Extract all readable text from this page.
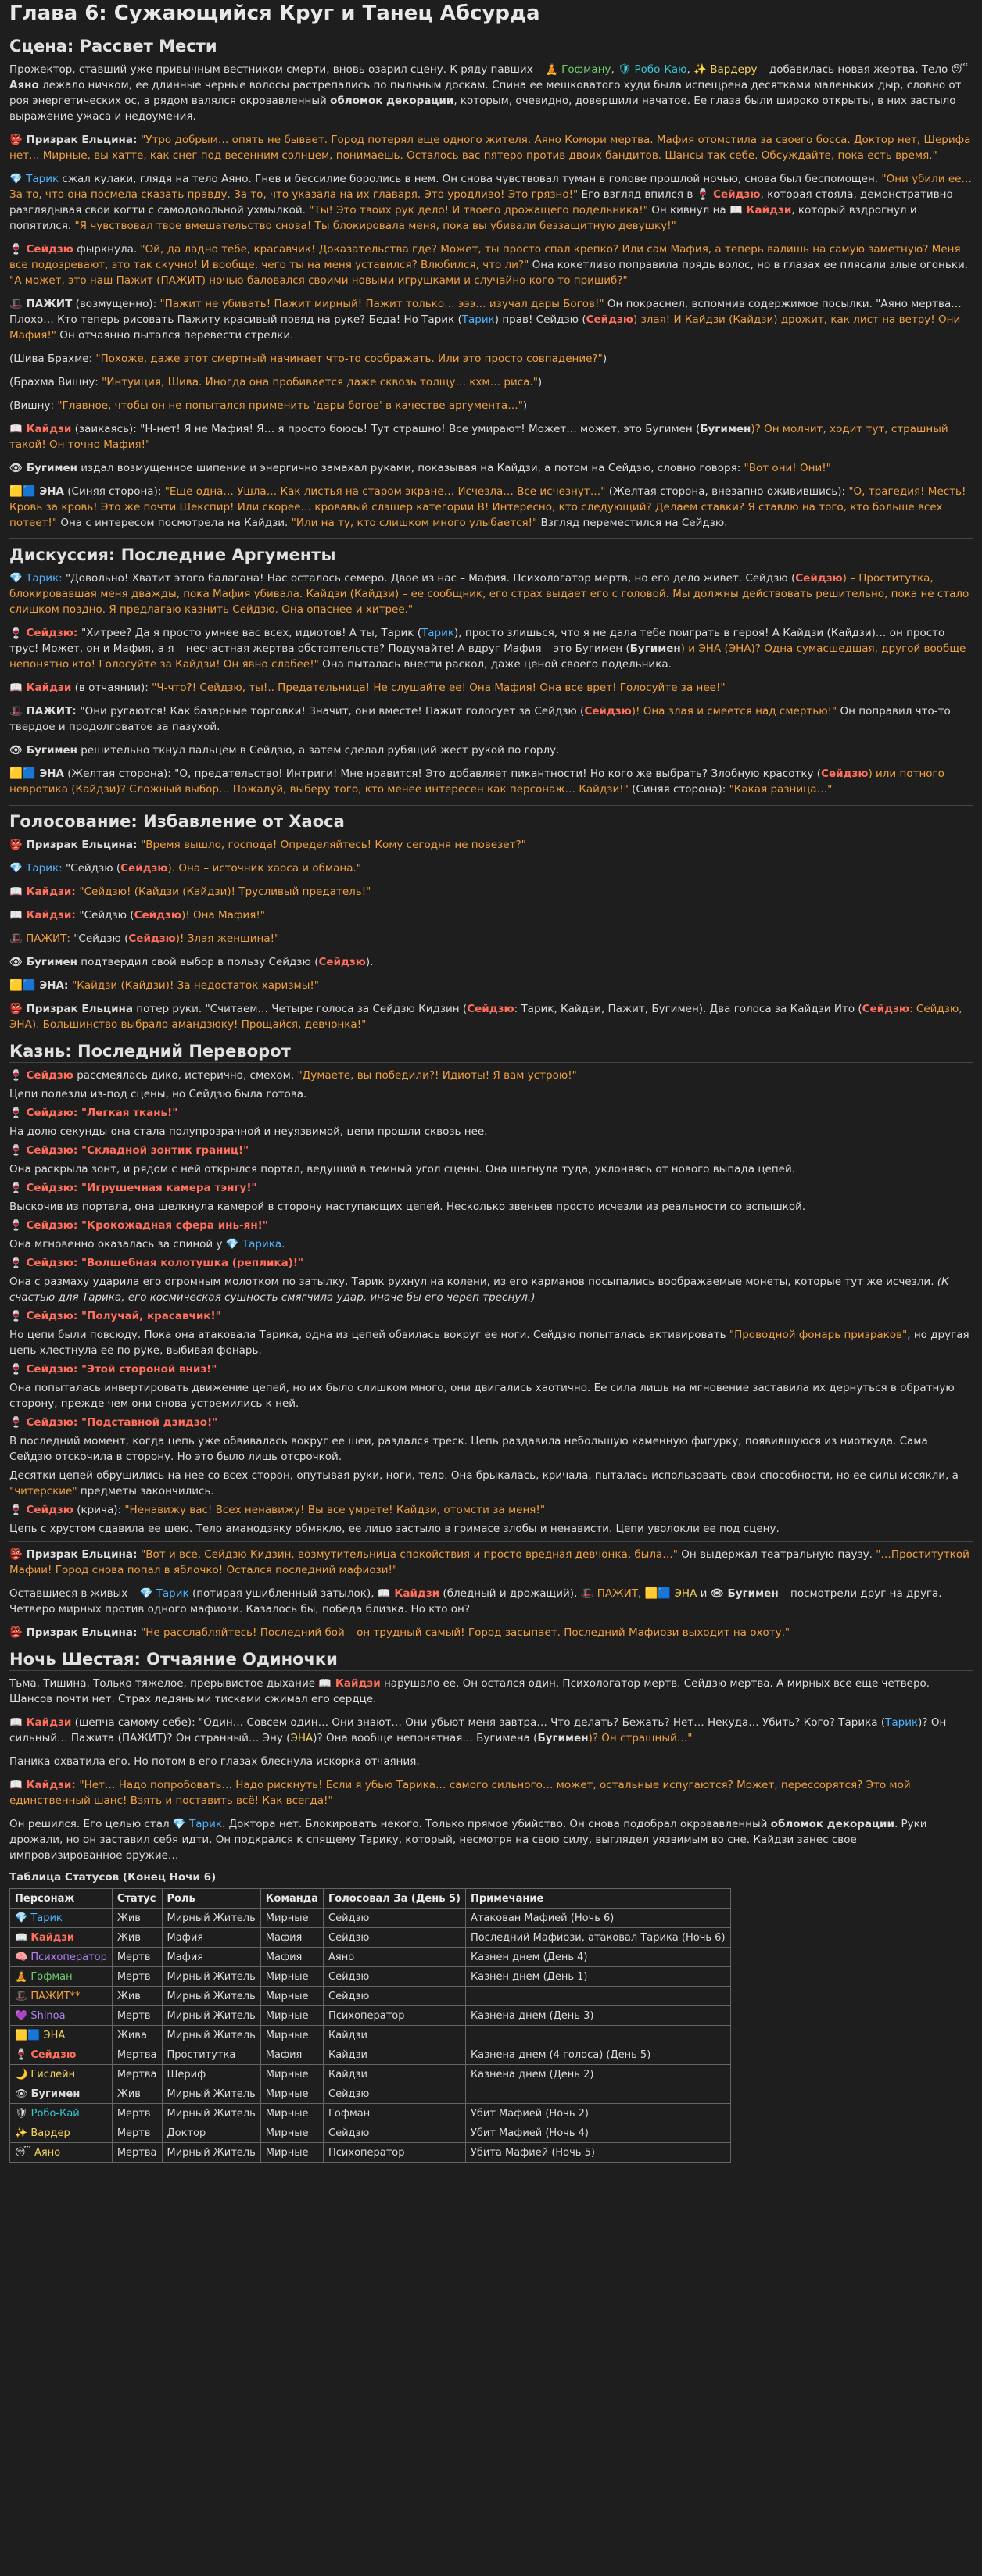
Глава 6: Сужающийся Круг и Танец Абсурда
Сцена: Рассвет Мести

Прожектор, ставший уже привычным вестником смерти, вновь озарил сцену. К ряду павших – 🧘 Гофману, 🛡 Робо-Каю, ✨ Вардеру – добавилась новая жертва. Тело 😴 Аяно лежало ничком, ее длинные черные волосы растрепались по пыльным доскам. Спина ее мешковатого худи была испещрена десятками маленьких дыр, словно от роя энергетических ос, а рядом валялся окровавленный обломок декорации, которым, очевидно, довершили начатое. Ее глаза были широко открыты, в них застыло выражение ужаса и недоумения.

👺 Призрак Ельцина: "Утро добрым… опять не бывает. Город потерял еще одного жителя. Аяно Комори мертва. Мафия отомстила за своего босса. Доктор нет, Шерифа нет… Мирные, вы хатте, как снег под весенним солнцем, понимаешь. Осталось вас пятеро против двоих бандитов. Шансы так себе. Обсуждайте, пока есть время."

💎 Тарик сжал кулаки, глядя на тело Аяно. Гнев и бессилие боролись в нем. Он снова чувствовал туман в голове прошлой ночью, снова был беспомощен. "Они убили ее… За то, что она посмела сказать правду. За то, что указала на их главаря. Это уродливо! Это грязно!" Его взгляд впился в 🍷 Сейдзю, которая стояла, демонстративно разглядывая свои когти с самодовольной ухмылкой. "Ты! Это твоих рук дело! И твоего дрожащего подельника!" Он кивнул на 📖 Кайдзи, который вздрогнул и попятился. "Я чувствовал твое вмешательство снова! Ты блокировала меня, пока вы убивали беззащитную девушку!"

🍷 Сейдзю фыркнула. "Ой, да ладно тебе, красавчик! Доказательства где? Может, ты просто спал крепко? Или сам Мафия, а теперь валишь на самую заметную? Меня все подозревают, это так скучно! И вообще, чего ты на меня уставился? Влюбился, что ли?" Она кокетливо поправила прядь волос, но в глазах ее плясали злые огоньки. "А может, это наш Пажит (ПАЖИТ) ночью баловался своими новыми игрушками и случайно кого-то пришиб?"

🎩 ПАЖИТ (возмущенно): "Пажит не убивать! Пажит мирный! Пажит только… эээ… изучал дары Богов!" Он покраснел, вспомнив содержимое посылки. "Аяно мертва… Плохо… Кто теперь рисовать Пажиту красивый повяд на руке? Беда! Но Тарик (Тарик) прав! Сейдзю (Сейдзю) злая! И Кайдзи (Кайдзи) дрожит, как лист на ветру! Они Мафия!" Он отчаянно пытался перевести стрелки.

(Шива Брахме: "Похоже, даже этот смертный начинает что-то соображать. Или это просто совпадение?")

(Брахма Вишну: "Интуиция, Шива. Иногда она пробивается даже сквозь толщу… кхм… риса.")

(Вишну: "Главное, чтобы он не попытался применить 'дары богов' в качестве аргумента…")

📖 Кайдзи (заикаясь): "Н-нет! Я не Мафия! Я… я просто боюсь! Тут страшно! Все умирают! Может… может, это Бугимен (Бугимен)? Он молчит, ходит тут, страшный такой! Он точно Мафия!"

👁 Бугимен издал возмущенное шипение и энергично замахал руками, показывая на Кайдзи, а потом на Сейдзю, словно говоря: "Вот они! Они!"

🟨🟦 ЭНА (Синяя сторона): "Еще одна… Ушла… Как листья на старом экране… Исчезла… Все исчезнут…" (Желтая сторона, внезапно оживившись): "О, трагедия! Месть! Кровь за кровь! Это же почти Шекспир! Или скорее… кровавый слэшер категории В! Интересно, кто следующий? Делаем ставки? Я ставлю на того, кто больше всех потеет!" Она с интересом посмотрела на Кайдзи. "Или на ту, кто слишком много улыбается!" Взгляд переместился на Сейдзю.

Дискуссия: Последние Аргументы

💎 Тарик: "Довольно! Хватит этого балагана! Нас осталось семеро. Двое из нас – Мафия. Психологатор мертв, но его дело живет. Сейдзю (Сейдзю) – Проститутка, блокировавшая меня дважды, пока Мафия убивала. Кайдзи (Кайдзи) – ее сообщник, его страх выдает его с головой. Мы должны действовать решительно, пока не стало слишком поздно. Я предлагаю казнить Сейдзю. Она опаснее и хитрее."

🍷 Сейдзю: "Хитрее? Да я просто умнее вас всех, идиотов! А ты, Тарик (Тарик), просто злишься, что я не дала тебе поиграть в героя! А Кайдзи (Кайдзи)… он просто трус! Может, он и Мафия, а я – несчастная жертва обстоятельств? Подумайте! А вдруг Мафия – это Бугимен (Бугимен) и ЭНА (ЭНА)? Одна сумасшедшая, другой вообще непонятно кто! Голосуйте за Кайдзи! Он явно слабее!" Она пыталась внести раскол, даже ценой своего подельника.

📖 Кайдзи (в отчаянии): "Ч-что?! Сейдзю, ты!.. Предательница! Не слушайте ее! Она Мафия! Она все врет! Голосуйте за нее!"

🎩 ПАЖИТ: "Они ругаются! Как базарные торговки! Значит, они вместе! Пажит голосует за Сейдзю (Сейдзю)! Она злая и смеется над смертью!" Он поправил что-то твердое и продолговатое за пазухой.

👁 Бугимен решительно ткнул пальцем в Сейдзю, а затем сделал рубящий жест рукой по горлу.

🟨🟦 ЭНА (Желтая сторона): "О, предательство! Интриги! Мне нравится! Это добавляет пикантности! Но кого же выбрать? Злобную красотку (Сейдзю) или потного невротика (Кайдзи)? Сложный выбор… Пожалуй, выберу того, кто менее интересен как персонаж… Кайдзи!" (Синяя сторона): "Какая разница…"

Голосование: Избавление от Хаоса

👺 Призрак Ельцина: "Время вышло, господа! Определяйтесь! Кому сегодня не повезет?"

💎 Тарик: "Сейдзю (Сейдзю). Она – источник хаоса и обмана."

📖 Кайдзи: "Сейдзю! (Кайдзи (Кайдзи)! Трусливый предатель!"

📖 Кайдзи: "Сейдзю (Сейдзю)! Она Мафия!"

🎩 ПАЖИТ: "Сейдзю (Сейдзю)! Злая женщина!"

👁 Бугимен подтвердил свой выбор в пользу Сейдзю (Сейдзю).

🟨🟦 ЭНА: "Кайдзи (Кайдзи)! За недостаток харизмы!"

👺 Призрак Ельцина потер руки. "Считаем… Четыре голоса за Сейдзю Кидзин (Сейдзю: Тарик, Кайдзи, Пажит, Бугимен). Два голоса за Кайдзи Ито (Сейдзю: Сейдзю, ЭНА). Большинство выбрало амандзюку! Прощайся, девчонка!"

Казнь: Последний Переворот

🍷 Сейдзю рассмеялась дико, истерично, смехом. "Думаете, вы победили?! Идиоты! Я вам устрою!"

Цепи полезли из-под сцены, но Сейдзю была готова.

🍷 Сейдзю: "Легкая ткань!"

На долю секунды она стала полупрозрачной и неуязвимой, цепи прошли сквозь нее.

🍷 Сейдзю: "Складной зонтик границ!"

Она раскрыла зонт, и рядом с ней открылся портал, ведущий в темный угол сцены. Она шагнула туда, уклоняясь от нового выпада цепей.

🍷 Сейдзю: "Игрушечная камера тэнгу!"

Выскочив из портала, она щелкнула камерой в сторону наступающих цепей. Несколько звеньев просто исчезли из реальности со вспышкой.

🍷 Сейдзю: "Крокожадная сфера инь-ян!"

Она мгновенно оказалась за спиной у 💎 Тарика.

🍷 Сейдзю: "Волшебная колотушка (реплика)!"

Она с размаху ударила его огромным молотком по затылку. Тарик рухнул на колени, из его карманов посыпались воображаемые монеты, которые тут же исчезли. (К счастью для Тарика, его космическая сущность смягчила удар, иначе бы его череп треснул.)

🍷 Сейдзю: "Получай, красавчик!"

Но цепи были повсюду. Пока она атаковала Тарика, одна из цепей обвилась вокруг ее ноги. Сейдзю попыталась активировать "Проводной фонарь призраков", но другая цепь хлестнула ее по руке, выбивая фонарь.

🍷 Сейдзю: "Этой стороной вниз!"

Она попыталась инвертировать движение цепей, но их было слишком много, они двигались хаотично. Ее сила лишь на мгновение заставила их дернуться в обратную сторону, прежде чем они снова устремились к ней.

🍷 Сейдзю: "Подставной дзидзо!"

В последний момент, когда цепь уже обвивалась вокруг ее шеи, раздался треск. Цепь раздавила небольшую каменную фигурку, появившуюся из ниоткуда. Сама Сейдзю отскочила в сторону. Но это было лишь отсрочкой.

Десятки цепей обрушились на нее со всех сторон, опутывая руки, ноги, тело. Она брыкалась, кричала, пыталась использовать свои способности, но ее силы иссякли, а "читерские" предметы закончились.

🍷 Сейдзю (крича): "Ненавижу вас! Всех ненавижу! Вы все умрете! Кайдзи, отомсти за меня!"

Цепь с хрустом сдавила ее шею. Тело аманодзяку обмякло, ее лицо застыло в гримасе злобы и ненависти. Цепи уволокли ее под сцену.

👺 Призрак Ельцина: "Вот и все. Сейдзю Кидзин, возмутительница спокойствия и просто вредная девчонка, была…" Он выдержал театральную паузу. "…Проституткой Мафии! Город снова попал в яблочко! Остался последний мафиози!"

Оставшиеся в живых – 💎 Тарик (потирая ушибленный затылок), 📖 Кайдзи (бледный и дрожащий), 🎩 ПАЖИТ, 🟨🟦 ЭНА и 👁 Бугимен – посмотрели друг на друга. Четверо мирных против одного мафиози. Казалось бы, победа близка. Но кто он?

👺 Призрак Ельцина: "Не расслабляйтесь! Последний бой – он трудный самый! Город засыпает. Последний Мафиози выходит на охоту."

Ночь Шестая: Отчаяние Одиночки

Тьма. Тишина. Только тяжелое, прерывистое дыхание 📖 Кайдзи нарушало ее. Он остался один. Психологатор мертв. Сейдзю мертва. А мирных все еще четверо. Шансов почти нет. Страх ледяными тисками сжимал его сердце.

📖 Кайдзи (шепча самому себе): "Один… Совсем один… Они знают… Они убьют меня завтра… Что делать? Бежать? Нет… Некуда… Убить? Кого? Тарика (Тарик)? Он сильный… Пажита (ПАЖИТ)? Он странный… Эну (ЭНА)? Она вообще непонятная… Бугимена (Бугимен)? Он страшный…"

Паника охватила его. Но потом в его глазах блеснула искорка отчаяния.

📖 Кайдзи: "Нет… Надо попробовать… Надо рискнуть! Если я убью Тарика… самого сильного… может, остальные испугаются? Может, перессорятся? Это мой единственный шанс! Взять и поставить всё! Как всегда!"

Он решился. Его целью стал 💎 Тарик. Доктора нет. Блокировать некого. Только прямое убийство. Он снова подобрал окровавленный обломок декорации. Руки дрожали, но он заставил себя идти. Он подкрался к спящему Тарику, который, несмотря на свою силу, выглядел уязвимым во сне. Кайдзи занес свое импровизированное оружие…

Таблица Статусов (Конец Ночи 6)
Персонаж	Статус	Роль	Команда	Голосовал За (День 5)	Примечание
💎 Тарик	Жив	Мирный Житель	Мирные	Сейдзю	Атакован Мафией (Ночь 6)
📖 Кайдзи	Жив	Мафия	Мафия	Сейдзю	Последний Мафиози, атаковал Тарика (Ночь 6)
🧠 Психоператор	Мертв	Мафия	Мафия	Аяно	Казнен днем (День 4)
🧘 Гофман	Мертв	Мирный Житель	Мирные	Сейдзю	Казнен днем (День 1)
🎩 ПАЖИТ**	Жив	Мирный Житель	Мирные	Сейдзю	
💜 Shinoa	Мертв	Мирный Житель	Мирные	Психоператор	Казнена днем (День 3)
🟨🟦 ЭНА	Жива	Мирный Житель	Мирные	Кайдзи	
🍷 Сейдзю	Мертва	Проститутка	Мафия	Кайдзи	Казнена днем (4 голоса) (День 5)
🌙 Гислейн	Мертва	Шериф	Мирные	Кайдзи	Казнена днем (День 2)
👁 Бугимен	Жив	Мирный Житель	Мирные	Сейдзю	
🛡 Робо-Кай	Мертв	Мирный Житель	Мирные	Гофман	Убит Мафией (Ночь 2)
✨ Вардер	Мертв	Доктор	Мирные	Сейдзю	Убит Мафией (Ночь 4)
😴 Аяно	Мертва	Мирный Житель	Мирные	Психоператор	Убита Мафией (Ночь 5)
